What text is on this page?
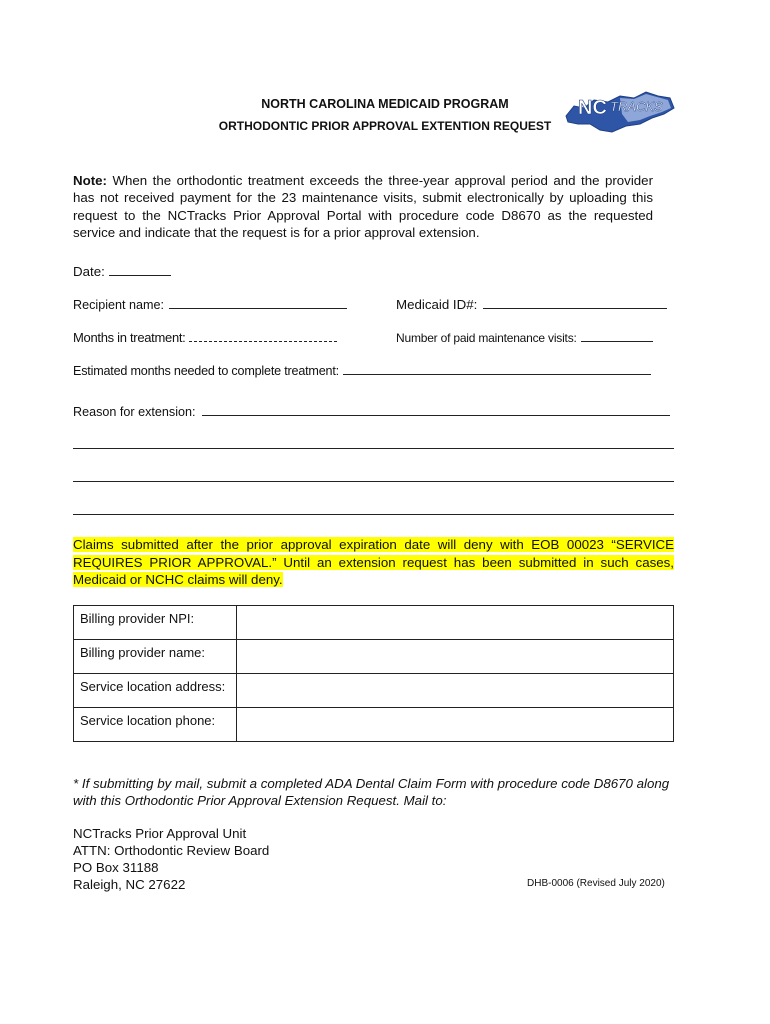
NORTH CAROLINA MEDICAID PROGRAM
ORTHODONTIC PRIOR APPROVAL EXTENTION REQUEST
NC TRACKS
Note: When the orthodontic treatment exceeds the three-year approval period and the provider has not received payment for the 23 maintenance visits, submit electronically by uploading this request to the NCTracks Prior Approval Portal with procedure code D8670 as the requested service and indicate that the request is for a prior approval extension.
Date:
Recipient name:	Medicaid ID#:
Months in treatment:	Number of paid maintenance visits:
Estimated months needed to complete treatment:
Reason for extension:
Claims submitted after the prior approval expiration date will deny with EOB 00023 “SERVICE REQUIRES PRIOR APPROVAL.” Until an extension request has been submitted in such cases, Medicaid or NCHC claims will deny.
Billing provider NPI:	
Billing provider name:	
Service location address:	
Service location phone:	
* If submitting by mail, submit a completed ADA Dental Claim Form with procedure code D8670 along with this Orthodontic Prior Approval Extension Request. Mail to:
NCTracks Prior Approval Unit
ATTN: Orthodontic Review Board
PO Box 31188
Raleigh, NC 27622	DHB-0006 (Revised July 2020)
